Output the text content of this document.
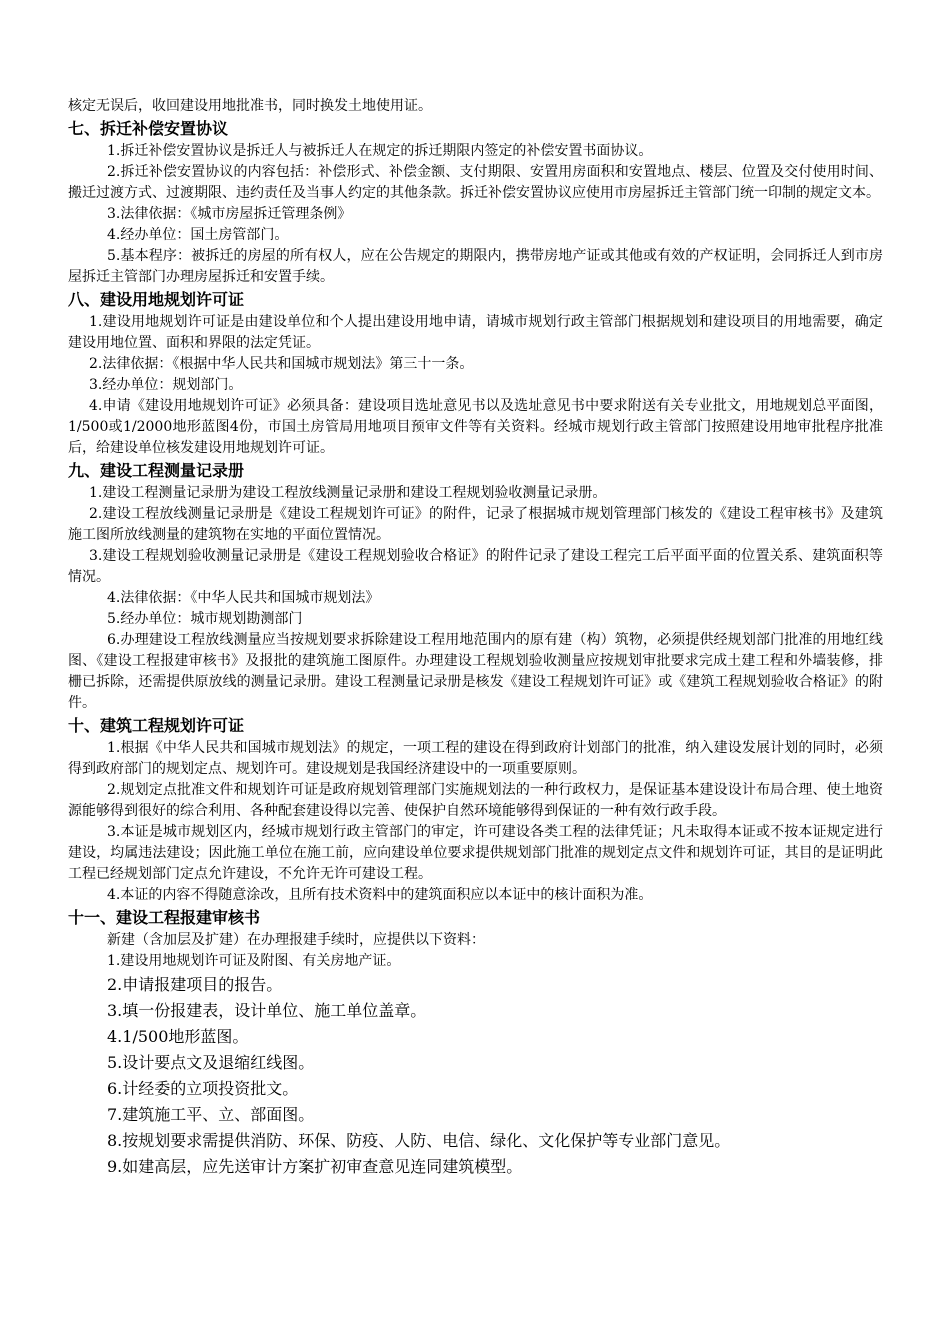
核定无误后，收回建设用地批准书，同时换发土地使用证。

七、拆迁补偿安置协议

1.拆迁补偿安置协议是拆迁人与被拆迁人在规定的拆迁期限内签定的补偿安置书面协议。

2.拆迁补偿安置协议的内容包括：补偿形式、补偿金额、支付期限、安置用房面积和安置地点、楼层、位置及交付使用时间、搬迁过渡方式、过渡期限、违约责任及当事人约定的其他条款。拆迁补偿安置协议应使用市房屋拆迁主管部门统一印制的规定文本。

3.法律依据：《城市房屋拆迁管理条例》

4.经办单位：国土房管部门。

5.基本程序：被拆迁的房屋的所有权人，应在公告规定的期限内，携带房地产证或其他或有效的产权证明，会同拆迁人到市房屋拆迁主管部门办理房屋拆迁和安置手续。

八、建设用地规划许可证

1.建设用地规划许可证是由建设单位和个人提出建设用地申请，请城市规划行政主管部门根据规划和建设项目的用地需要，确定建设用地位置、面积和界限的法定凭证。

2.法律依据：《根据中华人民共和国城市规划法》第三十一条。

3.经办单位：规划部门。

4.申请《建设用地规划许可证》必须具备：建设项目选址意见书以及选址意见书中要求附送有关专业批文，用地规划总平面图，1/500或1/2000地形蓝图4份，市国土房管局用地项目预审文件等有关资料。经城市规划行政主管部门按照建设用地审批程序批准后，给建设单位核发建设用地规划许可证。

九、建设工程测量记录册

1.建设工程测量记录册为建设工程放线测量记录册和建设工程规划验收测量记录册。

2.建设工程放线测量记录册是《建设工程规划许可证》的附件，记录了根据城市规划管理部门核发的《建设工程审核书》及建筑施工图所放线测量的建筑物在实地的平面位置情况。

3.建设工程规划验收测量记录册是《建设工程规划验收合格证》的附件记录了建设工程完工后平面平面的位置关系、建筑面积等情况。

4.法律依据：《中华人民共和国城市规划法》

5.经办单位：城市规划勘测部门

6.办理建设工程放线测量应当按规划要求拆除建设工程用地范围内的原有建（构）筑物，必须提供经规划部门批准的用地红线图、《建设工程报建审核书》及报批的建筑施工图原件。办理建设工程规划验收测量应按规划审批要求完成土建工程和外墙装修，排栅已拆除，还需提供原放线的测量记录册。建设工程测量记录册是核发《建设工程规划许可证》或《建筑工程规划验收合格证》的附件。

十、建筑工程规划许可证

1.根据《中华人民共和国城市规划法》的规定，一项工程的建设在得到政府计划部门的批准，纳入建设发展计划的同时，必须得到政府部门的规划定点、规划许可。建设规划是我国经济建设中的一项重要原则。

2.规划定点批准文件和规划许可证是政府规划管理部门实施规划法的一种行政权力，是保证基本建设设计布局合理、使土地资源能够得到很好的综合利用、各种配套建设得以完善、使保护自然环境能够得到保证的一种有效行政手段。

3.本证是城市规划区内，经城市规划行政主管部门的审定，许可建设各类工程的法律凭证；凡未取得本证或不按本证规定进行建设，均属违法建设；因此施工单位在施工前，应向建设单位要求提供规划部门批准的规划定点文件和规划许可证，其目的是证明此工程已经规划部门定点允许建设，不允许无许可建设工程。

4.本证的内容不得随意涂改，且所有技术资料中的建筑面积应以本证中的核计面积为准。

十一、建设工程报建审核书

新建（含加层及扩建）在办理报建手续时，应提供以下资料：

1.建设用地规划许可证及附图、有关房地产证。

2.申请报建项目的报告。

3.填一份报建表，设计单位、施工单位盖章。

4.1/500地形蓝图。

5.设计要点文及退缩红线图。

6.计经委的立项投资批文。

7.建筑施工平、立、部面图。

8.按规划要求需提供消防、环保、防疫、人防、电信、绿化、文化保护等专业部门意见。

9.如建高层，应先送审计方案扩初审查意见连同建筑模型。
